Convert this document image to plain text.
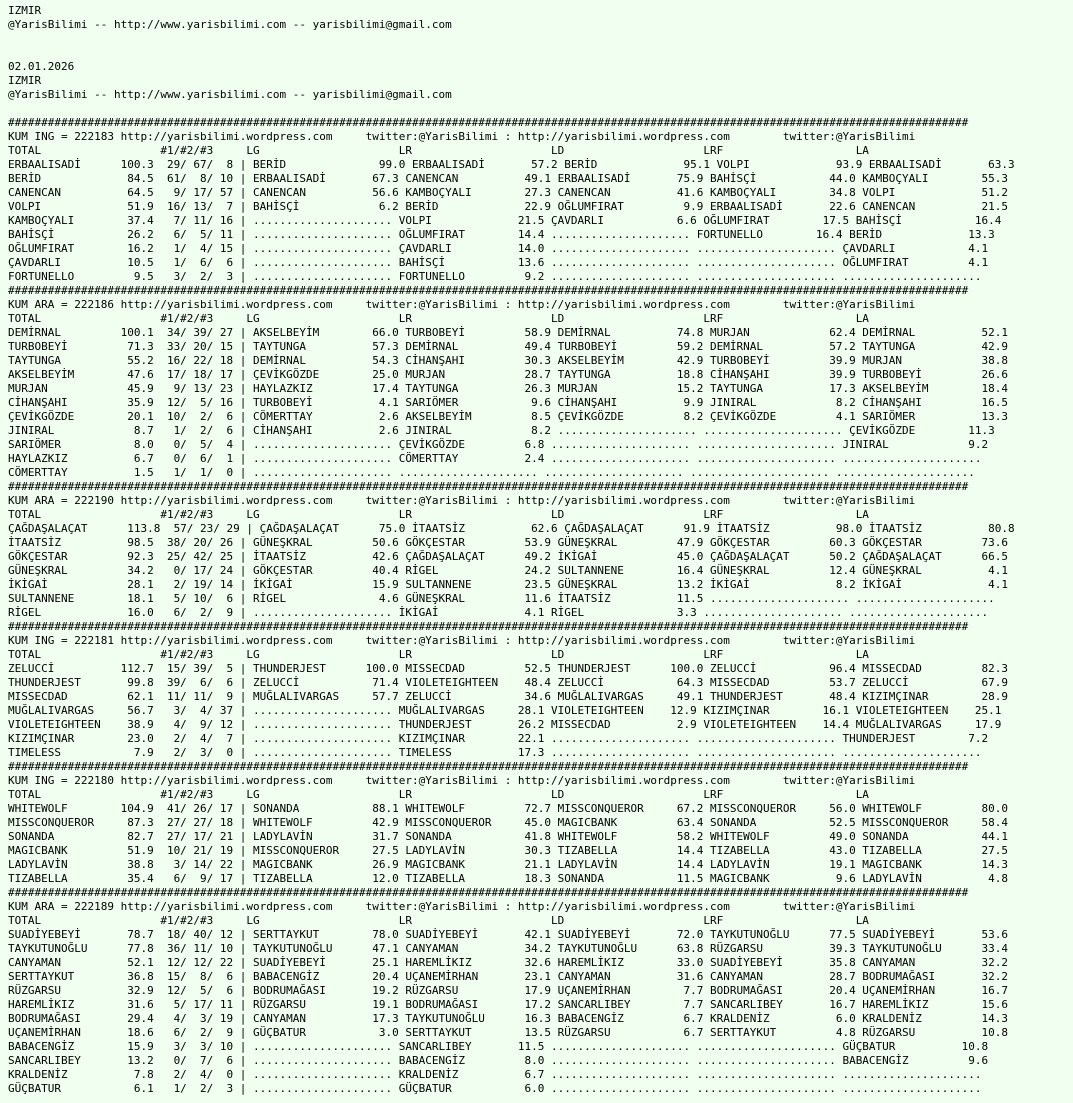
IZMIR
@YarisBilimi -- http://www.yarisbilimi.com -- yarisbilimi@gmail.com

02.01.2026
IZMIR
@YarisBilimi -- http://www.yarisbilimi.com -- yarisbilimi@gmail.com

#################################################################################################################################################
KUM ING = 222183 http://yarisbilimi.wordpress.com     twitter:@YarisBilimi : http://yarisbilimi.wordpress.com        twitter:@YarisBilimi
TOTAL                  #1/#2/#3     LG                     LR                     LD                     LRF                    LA
ERBAALISADİ      100.3  29/ 67/  8 | BERİD              99.0 ERBAALISADİ       57.2 BERİD             95.1 VOLPI             93.9 ERBAALISADİ       63.3
BERİD             84.5  61/  8/ 10 | ERBAALISADİ       67.3 CANENCAN          49.1 ERBAALISADİ       75.9 BAHİSÇİ           44.0 KAMBOÇYALI        55.3
CANENCAN          64.5   9/ 17/ 57 | CANENCAN          56.6 KAMBOÇYALI        27.3 CANENCAN          41.6 KAMBOÇYALI        34.8 VOLPI             51.2
VOLPI             51.9  16/ 13/  7 | BAHİSÇİ            6.2 BERİD             22.9 OĞLUMFIRAT         9.9 ERBAALISADİ       22.6 CANENCAN          21.5
KAMBOÇYALI        37.4   7/ 11/ 16 | ..................... VOLPI             21.5 ÇAVDARLI           6.6 OĞLUMFIRAT        17.5 BAHİSÇİ           16.4
BAHİSÇİ           26.2   6/  5/ 11 | ..................... OĞLUMFIRAT        14.4 ..................... FORTUNELLO        16.4 BERİD             13.3
OĞLUMFIRAT        16.2   1/  4/ 15 | ..................... ÇAVDARLI          14.0 ..................... ..................... ÇAVDARLI           4.1
ÇAVDARLI          10.5   1/  6/  6 | ..................... BAHİSÇİ           13.6 ..................... ..................... OĞLUMFIRAT         4.1
FORTUNELLO         9.5   3/  2/  3 | ..................... FORTUNELLO         9.2 ..................... ..................... .....................
#################################################################################################################################################
KUM ARA = 222186 http://yarisbilimi.wordpress.com     twitter:@YarisBilimi : http://yarisbilimi.wordpress.com        twitter:@YarisBilimi
TOTAL                  #1/#2/#3     LG                     LR                     LD                     LRF                    LA
DEMİRNAL         100.1  34/ 39/ 27 | AKSELBEYİM        66.0 TURBOBEYİ         58.9 DEMİRNAL          74.8 MURJAN            62.4 DEMİRNAL          52.1
TURBOBEYİ         71.3  33/ 20/ 15 | TAYTUNGA          57.3 DEMİRNAL          49.4 TURBOBEYİ         59.2 DEMİRNAL          57.2 TAYTUNGA          42.9
TAYTUNGA          55.2  16/ 22/ 18 | DEMİRNAL          54.3 CİHANŞAHI         30.3 AKSELBEYİM        42.9 TURBOBEYİ         39.9 MURJAN            38.8
AKSELBEYİM        47.6  17/ 18/ 17 | ÇEVİKGÖZDE        25.0 MURJAN            28.7 TAYTUNGA          18.8 CİHANŞAHI         39.9 TURBOBEYİ         26.6
MURJAN            45.9   9/ 13/ 23 | HAYLAZKIZ         17.4 TAYTUNGA          26.3 MURJAN            15.2 TAYTUNGA          17.3 AKSELBEYİM        18.4
CİHANŞAHI         35.9  12/  5/ 16 | TURBOBEYİ          4.1 SARIÖMER           9.6 CİHANŞAHI          9.9 JINIRAL            8.2 CİHANŞAHI         16.5
ÇEVİKGÖZDE        20.1  10/  2/  6 | CÖMERTTAY          2.6 AKSELBEYİM         8.5 ÇEVİKGÖZDE         8.2 ÇEVİKGÖZDE         4.1 SARIÖMER          13.3
JINIRAL            8.7   1/  2/  6 | CİHANŞAHI          2.6 JINIRAL            8.2 ..................... ..................... ÇEVİKGÖZDE        11.3
SARIÖMER           8.0   0/  5/  4 | ..................... ÇEVİKGÖZDE         6.8 ..................... ..................... JINIRAL            9.2
HAYLAZKIZ          6.7   0/  6/  1 | ..................... CÖMERTTAY          2.4 ..................... ..................... .....................
CÖMERTTAY          1.5   1/  1/  0 | ..................... ..................... ..................... ..................... .....................
#################################################################################################################################################
KUM ARA = 222190 http://yarisbilimi.wordpress.com     twitter:@YarisBilimi : http://yarisbilimi.wordpress.com        twitter:@YarisBilimi
TOTAL                  #1/#2/#3     LG                     LR                     LD                     LRF                    LA
ÇAĞDAŞALAÇAT      113.8  57/ 23/ 29 | ÇAĞDAŞALAÇAT      75.0 İTAATSİZ          62.6 ÇAĞDAŞALAÇAT      91.9 İTAATSİZ          98.0 İTAATSİZ          80.8
İTAATSİZ          98.5  38/ 20/ 26 | GÜNEŞKRAL         50.6 GÖKÇESTAR         53.9 GÜNEŞKRAL         47.9 GÖKÇESTAR         60.3 GÖKÇESTAR         73.6
GÖKÇESTAR         92.3  25/ 42/ 25 | İTAATSİZ          42.6 ÇAĞDAŞALAÇAT      49.2 İKİGAİ            45.0 ÇAĞDAŞALAÇAT      50.2 ÇAĞDAŞALAÇAT      66.5
GÜNEŞKRAL         34.2   0/ 17/ 24 | GÖKÇESTAR         40.4 RİGEL             24.2 SULTANNENE        16.4 GÜNEŞKRAL         12.4 GÜNEŞKRAL          4.1
İKİGAİ            28.1   2/ 19/ 14 | İKİGAİ            15.9 SULTANNENE        23.5 GÜNEŞKRAL         13.2 İKİGAİ             8.2 İKİGAİ             4.1
SULTANNENE        18.1   5/ 10/  6 | RİGEL              4.6 GÜNEŞKRAL         11.6 İTAATSİZ          11.5 ..................... .....................
RİGEL             16.0   6/  2/  9 | ..................... İKİGAİ             4.1 RİGEL              3.3 ..................... .....................
#################################################################################################################################################
KUM ING = 222181 http://yarisbilimi.wordpress.com     twitter:@YarisBilimi : http://yarisbilimi.wordpress.com        twitter:@YarisBilimi
TOTAL                  #1/#2/#3     LG                     LR                     LD                     LRF                    LA
ZELUCCİ          112.7  15/ 39/  5 | THUNDERJEST      100.0 MISSECDAD         52.5 THUNDERJEST      100.0 ZELUCCİ           96.4 MISSECDAD         82.3
THUNDERJEST       99.8  39/  6/  6 | ZELUCCİ           71.4 VIOLETEIGHTEEN    48.4 ZELUCCİ           64.3 MISSECDAD         53.7 ZELUCCİ           67.9
MISSECDAD         62.1  11/ 11/  9 | MUĞLALIVARGAS     57.7 ZELUCCİ           34.6 MUĞLALIVARGAS     49.1 THUNDERJEST       48.4 KIZIMÇINAR        28.9
MUĞLALIVARGAS     56.7   3/  4/ 37 | ..................... MUĞLALIVARGAS     28.1 VIOLETEIGHTEEN    12.9 KIZIMÇINAR        16.1 VIOLETEIGHTEEN    25.1
VIOLETEIGHTEEN    38.9   4/  9/ 12 | ..................... THUNDERJEST       26.2 MISSECDAD          2.9 VIOLETEIGHTEEN    14.4 MUĞLALIVARGAS     17.9
KIZIMÇINAR        23.0   2/  4/  7 | ..................... KIZIMÇINAR        22.1 ..................... ..................... THUNDERJEST        7.2
TIMELESS           7.9   2/  3/  0 | ..................... TIMELESS          17.3 ..................... ..................... .....................
#################################################################################################################################################
KUM ING = 222180 http://yarisbilimi.wordpress.com     twitter:@YarisBilimi : http://yarisbilimi.wordpress.com        twitter:@YarisBilimi
TOTAL                  #1/#2/#3     LG                     LR                     LD                     LRF                    LA
WHITEWOLF        104.9  41/ 26/ 17 | SONANDA           88.1 WHITEWOLF         72.7 MISSCONQUEROR     67.2 MISSCONQUEROR     56.0 WHITEWOLF         80.0
MISSCONQUEROR     87.3  27/ 27/ 18 | WHITEWOLF         42.9 MISSCONQUEROR     45.0 MAGICBANK         63.4 SONANDA           52.5 MISSCONQUEROR     58.4
SONANDA           82.7  27/ 17/ 21 | LADYLAVİN         31.7 SONANDA           41.8 WHITEWOLF         58.2 WHITEWOLF         49.0 SONANDA           44.1
MAGICBANK         51.9  10/ 21/ 19 | MISSCONQUEROR     27.5 LADYLAVİN         30.3 TIZABELLA         14.4 TIZABELLA         43.0 TIZABELLA         27.5
LADYLAVİN         38.8   3/ 14/ 22 | MAGICBANK         26.9 MAGICBANK         21.1 LADYLAVİN         14.4 LADYLAVİN         19.1 MAGICBANK         14.3
TIZABELLA         35.4   6/  9/ 17 | TIZABELLA         12.0 TIZABELLA         18.3 SONANDA           11.5 MAGICBANK          9.6 LADYLAVİN          4.8
#################################################################################################################################################
KUM ARA = 222189 http://yarisbilimi.wordpress.com     twitter:@YarisBilimi : http://yarisbilimi.wordpress.com        twitter:@YarisBilimi
TOTAL                  #1/#2/#3     LG                     LR                     LD                     LRF                    LA
SUADİYEBEYİ       78.7  18/ 40/ 12 | SERTTAYKUT        78.0 SUADİYEBEYİ       42.1 SUADİYEBEYİ       72.0 TAYKUTUNOĞLU      77.5 SUADİYEBEYİ       53.6
TAYKUTUNOĞLU      77.8  36/ 11/ 10 | TAYKUTUNOĞLU      47.1 CANYAMAN          34.2 TAYKUTUNOĞLU      63.8 RÜZGARSU          39.3 TAYKUTUNOĞLU      33.4
CANYAMAN          52.1  12/ 12/ 22 | SUADİYEBEYİ       25.1 HAREMLİKIZ        32.6 HAREMLİKIZ        33.0 SUADİYEBEYİ       35.8 CANYAMAN          32.2
SERTTAYKUT        36.8  15/  8/  6 | BABACENGİZ        20.4 UÇANEMİRHAN       23.1 CANYAMAN          31.6 CANYAMAN          28.7 BODRUMAĞASI       32.2
RÜZGARSU          32.9  12/  5/  6 | BODRUMAĞASI       19.2 RÜZGARSU          17.9 UÇANEMİRHAN        7.7 BODRUMAĞASI       20.4 UÇANEMİRHAN       16.7
HAREMLİKIZ        31.6   5/ 17/ 11 | RÜZGARSU          19.1 BODRUMAĞASI       17.2 SANCARLIBEY        7.7 SANCARLIBEY       16.7 HAREMLİKIZ        15.6
BODRUMAĞASI       29.4   4/  3/ 19 | CANYAMAN          17.3 TAYKUTUNOĞLU      16.3 BABACENGİZ         6.7 KRALDENİZ          6.0 KRALDENİZ         14.3
UÇANEMİRHAN       18.6   6/  2/  9 | GÜÇBATUR           3.0 SERTTAYKUT        13.5 RÜZGARSU           6.7 SERTTAYKUT         4.8 RÜZGARSU          10.8
BABACENGİZ        15.9   3/  3/ 10 | ..................... SANCARLIBEY       11.5 ..................... ..................... GÜÇBATUR          10.8
SANCARLIBEY       13.2   0/  7/  6 | ..................... BABACENGİZ         8.0 ..................... ..................... BABACENGİZ         9.6
KRALDENİZ          7.8   2/  4/  0 | ..................... KRALDENİZ          6.7 ..................... ..................... .....................
GÜÇBATUR           6.1   1/  2/  3 | ..................... GÜÇBATUR           6.0 ..................... ..................... .....................
